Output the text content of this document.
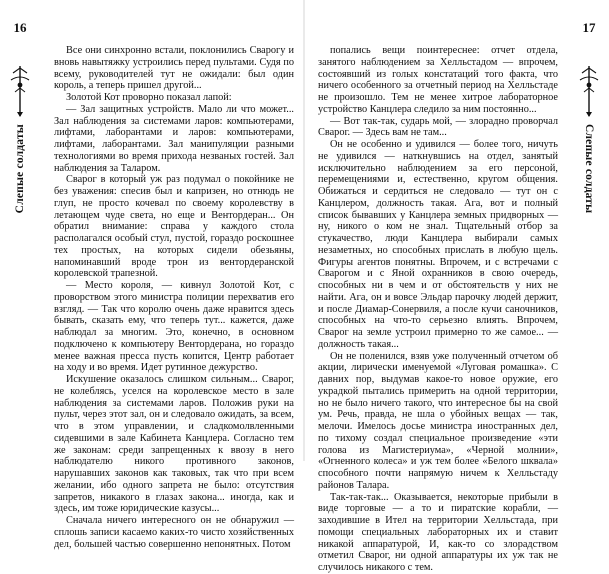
16
Слепые солдаты

Все они синхронно встали, поклонились Сварогу и вновь навытяжку устроились перед пультами. Судя по всему, руководителей тут не ожидали: был один король, а теперь пришел другой...

Золотой Кот проворно показал лапой:

— Зал защитных устройств. Мало ли что может... Зал наблюдения за системами ларов: компьютерами, лифтами, лаборантами и ларов: компьютерами, лифтами, лаборантами. Зал манипуляции разными технологиями во время прихода незваных гостей. Зал наблюдения за Таларом.

Сварог в который уж раз подумал о покойнике не без уважения: спесив был и капризен, но отнюдь не глуп, не просто кочевал по своему королевству в летающем чуде света, но еще и Вентордеран... Он обратил внимание: справа у каждого стола располагался особый стул, пустой, гораздо роскошнее тех простых, на которых сидели обезьяны, напоминавший вроде трон из вентордеранской королевской трапезной.

— Место короля, — кивнул Золотой Кот, с проворством этого министра полиции перехватив его взгляд. — Так что королю очень даже нравится здесь бывать, сказать ему, что теперь тут... кажется, даже наблюдал за многим. Это, конечно, в основном подключено к компьютеру Вентордерана, но гораздо менее важная пресса пусть копится, Центр работает на ходу и во время. Идет рутинное дежурство.

Искушение оказалось слишком сильным... Сварог, не колеблясь, уселся на королевское место в зале наблюдения за системами ларов. Положив руки на пульт, через этот зал, он и следовало ожидать, за всем, что в этом управлении, и сладкомолвленными сидевшими в зале Кабинета Канцлера. Согласно тем же законам: среди запрещенных к ввозу в него наблюдателю никого противного законов, нарушавших законов как таковых, так что при всем желании, ибо одного запрета не было: отсутствия запретов, никакого в глазах закона... иногда, как и здесь, им тоже юридические казусы...

Сначала ничего интересного он не обнаружил — сплошь записи касаемо каких-то чисто хозяйственных дел, большей частью совершенно непонятных. Потом

попались вещи поинтереснее: отчет отдела, занятого наблюдением за Хелльстадом — впрочем, состоявший из голых констатаций того факта, что ничего особенного за отчетный период на Хелльстаде не произошло. Тем не менее хитрое лабораторное устройство Канцлера следило за ним постоянно...

— Вот так-так, сударь мой, — злорадно проворчал Сварог. — Здесь вам не там...

Он не особенно и удивился — более того, ничуть не удивился — наткнувшись на отдел, занятый исключительно наблюдением за его персоной, перемещениями и, естественно, кругом общения. Обижаться и сердиться не следовало — тут он с Канцлером, должность такая. Ага, вот и полный список бывавших у Канцлера земных придворных — ну, никого о ком не знал. Тщательный отбор за стукачество, люди Канцлера выбирали самых незаметных, но способных прислать в любую щель. Фигуры агентов понятны. Впрочем, и с встречами с Сварогом и с Яной охранников в свою очередь, способных ни в чем и от обстоятельств у них не найти. Ага, он и вовсе Эльдар парочку людей держит, и после Диамар-Сонервиля, а после кучи саночников, способных на что-то серьезно влиять. Впрочем, Сварог на земле устроил примерно то же самое... — должность такая...

Он не поленился, взяв уже полученный отчетом об акции, лирически именуемой «Луговая ромашка». С давних пор, выдумав какое-то новое оружие, его украдкой пытались примерить на одной территории, но не было ничего такого, что интересное бы на свой ум. Речь, правда, не шла о убойных вещах — так, мелочи. Имелось досье министра иностранных дел, по тихому создал специальное произведение «эти голова из Магистериума», «Черной молнии», «Огненного колеса» и уж тем более «Белого шквала» способного почти напрямую ничем к Хелльстаду районов Талара.

Так-так-так... Оказывается, некоторые прибыли в виде торговые — а то и пиратские корабли, — заходившие в Ител на территории Хелльстада, при помощи специальных лабораторных их и ставит никакой аппаратурой, И, как-то со злорадством отметил Сварог, ни одной аппаратуры их уж так не случилось никакого с тем.

17
Слепые солдаты
